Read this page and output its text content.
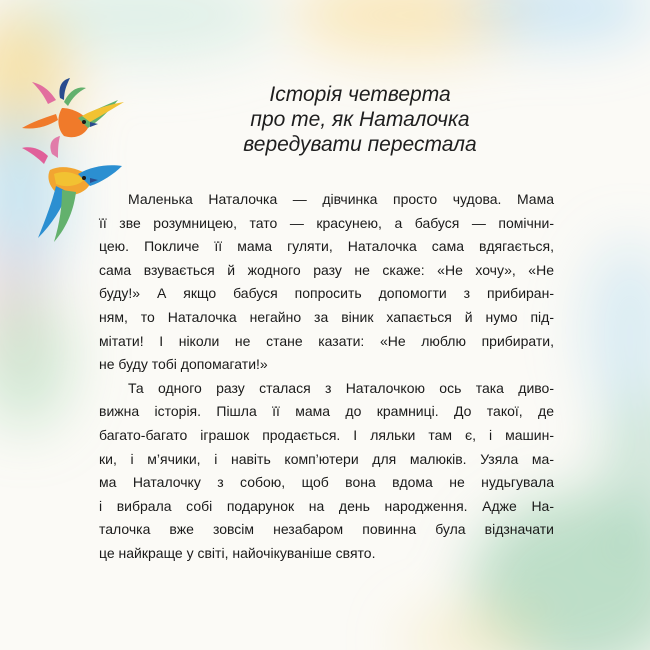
Історія четверта
про те, як Наталочка
вередувати перестала
Маленька Наталочка — дівчинка просто чудова. Мама
її зве розумницею, тато — красунею, а бабуся — помічни-
цею. Покличе її мама гуляти, Наталочка сама вдягається,
сама взувається й жодного разу не скаже: «Не хочу», «Не
буду!» А якщо бабуся попросить допомогти з прибиран-
ням, то Наталочка негайно за віник хапається й нумо під-
мітати! І ніколи не стане казати: «Не люблю прибирати,
не буду тобі допомагати!»
Та одного разу сталася з Наталочкою ось така диво-
вижна історія. Пішла її мама до крамниці. До такої, де
багато-багато іграшок продається. І ляльки там є, і машин-
ки, і м’ячики, і навіть комп’ютери для малюків. Узяла ма-
ма Наталочку з собою, щоб вона вдома не нудьгувала
і вибрала собі подарунок на день народження. Адже На-
талочка вже зовсім незабаром повинна була відзначати
це найкраще у світі, найочікуваніше свято.
